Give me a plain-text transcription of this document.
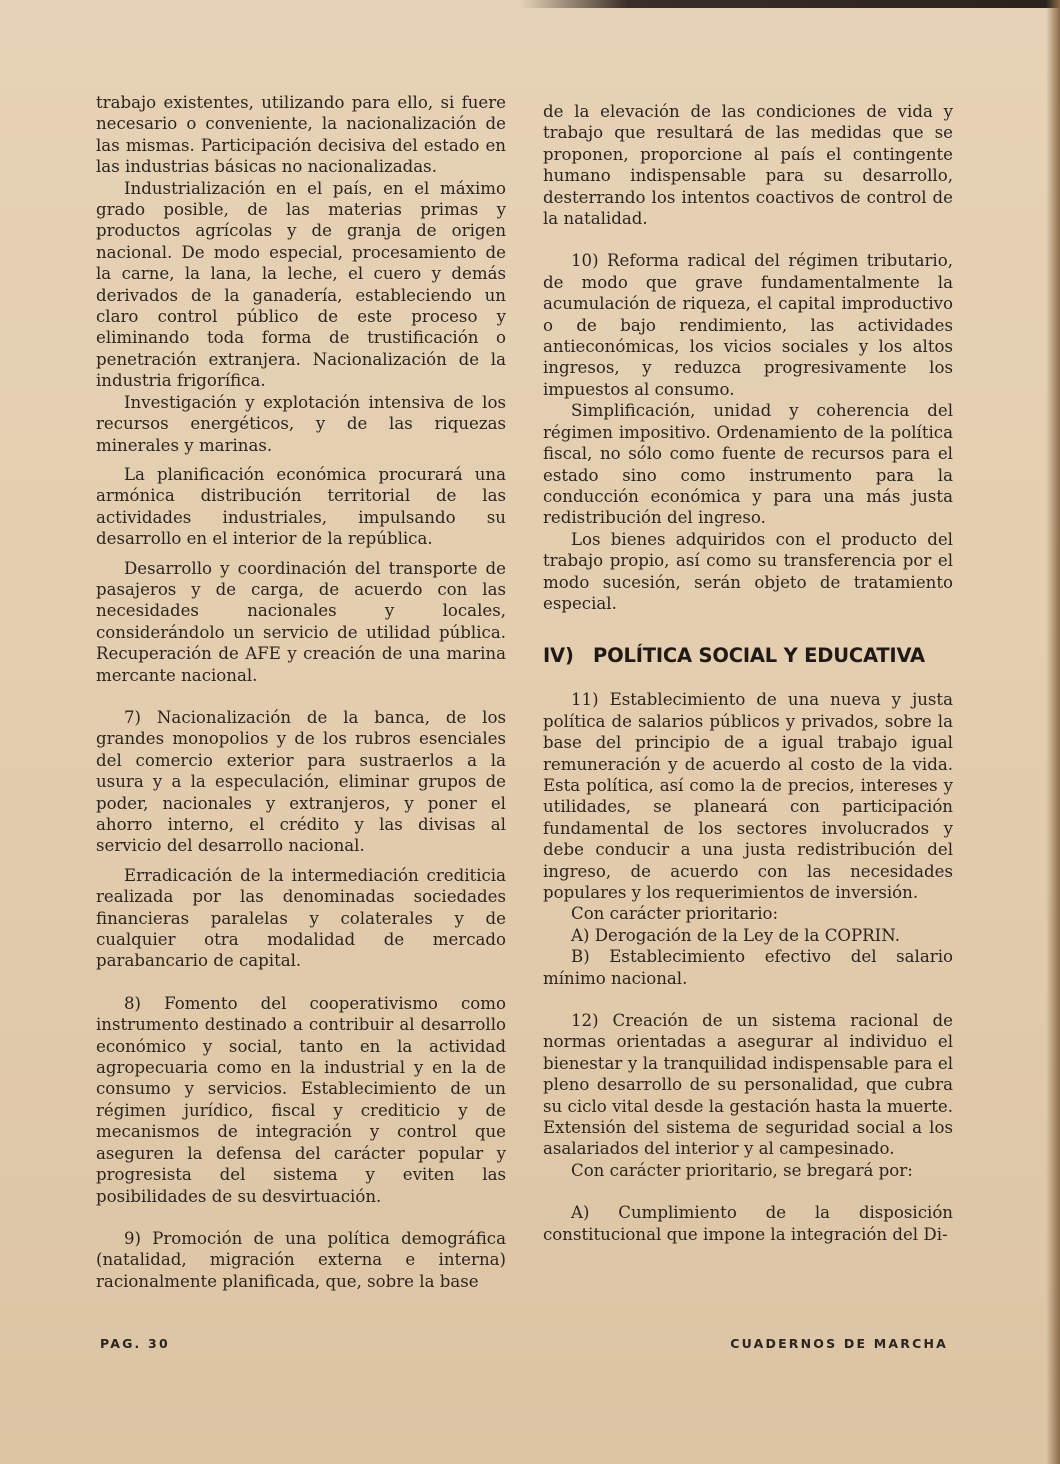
trabajo existentes, utilizando para ello, si fuere necesario o conveniente, la nacionalización de las mismas. Participación decisiva del estado en las industrias básicas no nacionalizadas.

Industrialización en el país, en el máximo grado posible, de las materias primas y productos agrícolas y de granja de origen nacional. De modo especial, procesamiento de la carne, la lana, la leche, el cuero y demás derivados de la ganadería, estableciendo un claro control público de este proceso y eliminando toda forma de trustificación o penetración extranjera. Nacionalización de la industria frigorífica.

Investigación y explotación intensiva de los recursos energéticos, y de las riquezas minerales y marinas.

La planificación económica procurará una armónica distribución territorial de las actividades industriales, impulsando su desarrollo en el interior de la república.

Desarrollo y coordinación del transporte de pasajeros y de carga, de acuerdo con las necesidades nacionales y locales, considerándolo un servicio de utilidad pública. Recuperación de AFE y creación de una marina mercante nacional.

7) Nacionalización de la banca, de los grandes monopolios y de los rubros esenciales del comercio exterior para sustraerlos a la usura y a la especulación, eliminar grupos de poder, nacionales y extranjeros, y poner el ahorro interno, el crédito y las divisas al servicio del desarrollo nacional.

Erradicación de la intermediación crediticia realizada por las denominadas sociedades financieras paralelas y colaterales y de cualquier otra modalidad de mercado parabancario de capital.

8) Fomento del cooperativismo como instrumento destinado a contribuir al desarrollo económico y social, tanto en la actividad agropecuaria como en la industrial y en la de consumo y servicios. Establecimiento de un régimen jurídico, fiscal y crediticio y de mecanismos de integración y control que aseguren la defensa del carácter popular y progresista del sistema y eviten las posibilidades de su desvirtuación.

9) Promoción de una política demográfica (natalidad, migración externa e interna) racionalmente planificada, que, sobre la base

de la elevación de las condiciones de vida y trabajo que resultará de las medidas que se proponen, proporcione al país el contingente humano indispensable para su desarrollo, desterrando los intentos coactivos de control de la natalidad.

10) Reforma radical del régimen tributario, de modo que grave fundamentalmente la acumulación de riqueza, el capital improductivo o de bajo rendimiento, las actividades antieconómicas, los vicios sociales y los altos ingresos, y reduzca progresivamente los impuestos al consumo.

Simplificación, unidad y coherencia del régimen impositivo. Ordenamiento de la política fiscal, no sólo como fuente de recursos para el estado sino como instrumento para la conducción económica y para una más justa redistribución del ingreso.

Los bienes adquiridos con el producto del trabajo propio, así como su transferencia por el modo sucesión, serán objeto de tratamiento especial.

IV) POLÍTICA SOCIAL Y EDUCATIVA

11) Establecimiento de una nueva y justa política de salarios públicos y privados, sobre la base del principio de a igual trabajo igual remuneración y de acuerdo al costo de la vida. Esta política, así como la de precios, intereses y utilidades, se planeará con participación fundamental de los sectores involucrados y debe conducir a una justa redistribución del ingreso, de acuerdo con las necesidades populares y los requerimientos de inversión.

Con carácter prioritario:

A) Derogación de la Ley de la COPRIN.

B) Establecimiento efectivo del salario mínimo nacional.

12) Creación de un sistema racional de normas orientadas a asegurar al individuo el bienestar y la tranquilidad indispensable para el pleno desarrollo de su personalidad, que cubra su ciclo vital desde la gestación hasta la muerte. Extensión del sistema de seguridad social a los asalariados del interior y al campesinado.

Con carácter prioritario, se bregará por:

A) Cumplimiento de la disposición constitucional que impone la integración del Di-

PAG. 30	CUADERNOS DE MARCHA
